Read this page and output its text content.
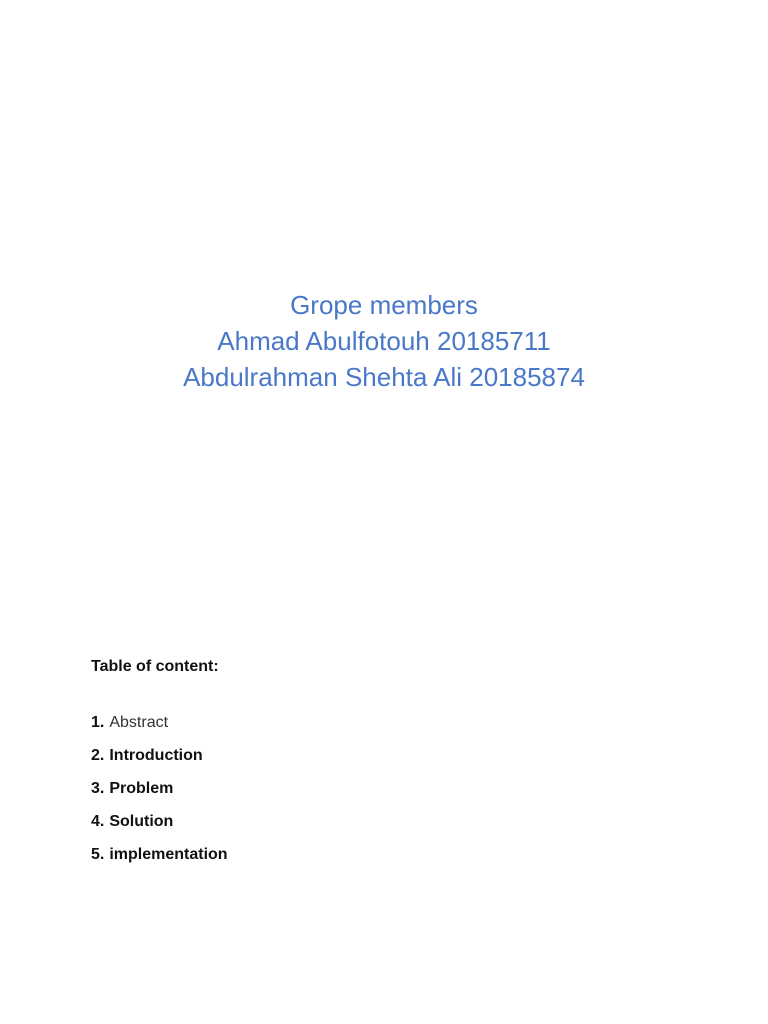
Grope members
Ahmad Abulfotouh 20185711
Abdulrahman Shehta Ali 20185874
Table of content:
1. Abstract
2. Introduction
3. Problem
4. Solution
5. implementation
